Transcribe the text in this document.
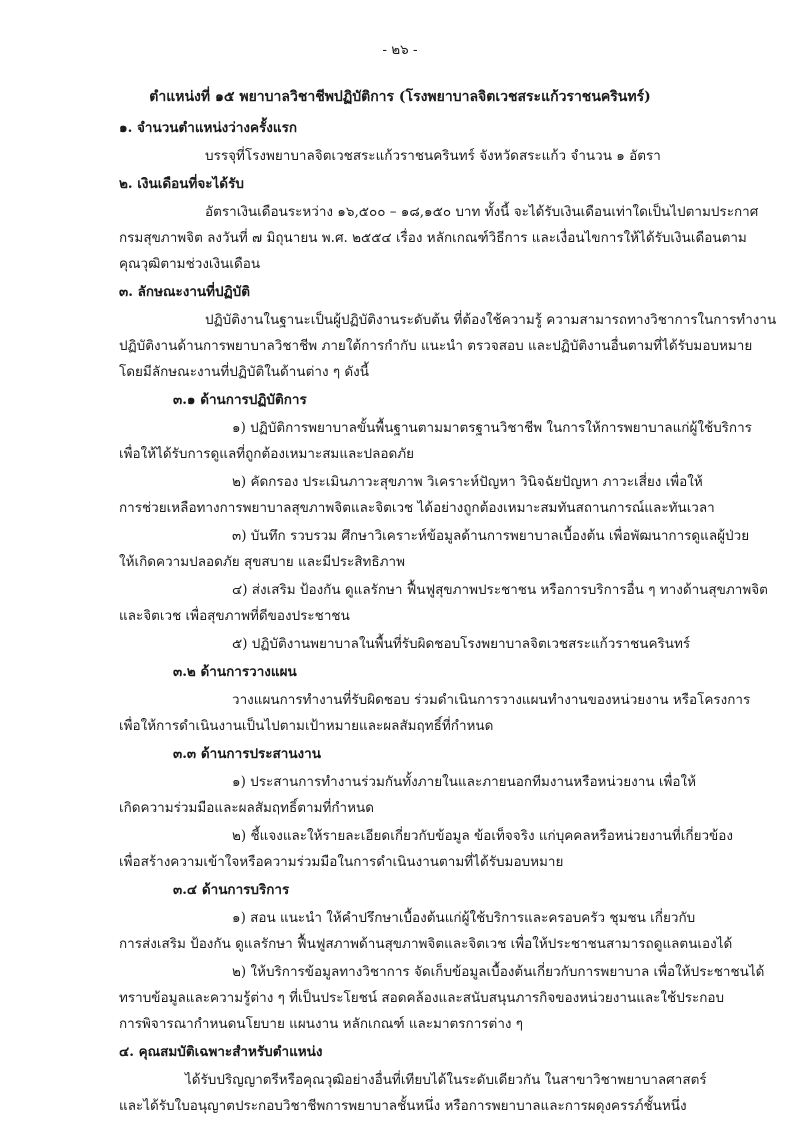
- ๒๖ -
ตำแหน่งที่ ๑๕ พยาบาลวิชาชีพปฏิบัติการ (โรงพยาบาลจิตเวชสระแก้วราชนครินทร์)
๑. จำนวนตำแหน่งว่างครั้งแรก
บรรจุที่โรงพยาบาลจิตเวชสระแก้วราชนครินทร์ จังหวัดสระแก้ว จำนวน ๑ อัตรา
๒. เงินเดือนที่จะได้รับ
อัตราเงินเดือนระหว่าง ๑๖,๕๐๐ – ๑๘,๑๕๐ บาท ทั้งนี้ จะได้รับเงินเดือนเท่าใดเป็นไปตามประกาศ
กรมสุขภาพจิต ลงวันที่ ๗ มิถุนายน พ.ศ. ๒๕๕๔ เรื่อง หลักเกณฑ์วิธีการ และเงื่อนไขการให้ได้รับเงินเดือนตาม
คุณวุฒิตามช่วงเงินเดือน
๓. ลักษณะงานที่ปฏิบัติ
ปฏิบัติงานในฐานะเป็นผู้ปฏิบัติงานระดับต้น ที่ต้องใช้ความรู้ ความสามารถทางวิชาการในการทำงาน
ปฏิบัติงานด้านการพยาบาลวิชาชีพ ภายใต้การกำกับ แนะนำ ตรวจสอบ และปฏิบัติงานอื่นตามที่ได้รับมอบหมาย
โดยมีลักษณะงานที่ปฏิบัติในด้านต่าง ๆ ดังนี้
๓.๑ ด้านการปฏิบัติการ
๑) ปฏิบัติการพยาบาลขั้นพื้นฐานตามมาตรฐานวิชาชีพ ในการให้การพยาบาลแก่ผู้ใช้บริการ
เพื่อให้ได้รับการดูแลที่ถูกต้องเหมาะสมและปลอดภัย
๒) คัดกรอง ประเมินภาวะสุขภาพ วิเคราะห์ปัญหา วินิจฉัยปัญหา ภาวะเสี่ยง เพื่อให้
การช่วยเหลือทางการพยาบาลสุขภาพจิตและจิตเวช ได้อย่างถูกต้องเหมาะสมทันสถานการณ์และทันเวลา
๓) บันทึก รวบรวม ศึกษาวิเคราะห์ข้อมูลด้านการพยาบาลเบื้องต้น เพื่อพัฒนาการดูแลผู้ป่วย
ให้เกิดความปลอดภัย สุขสบาย และมีประสิทธิภาพ
๔) ส่งเสริม ป้องกัน ดูแลรักษา ฟื้นฟูสุขภาพประชาชน หรือการบริการอื่น ๆ ทางด้านสุขภาพจิต
และจิตเวช เพื่อสุขภาพที่ดีของประชาชน
๕) ปฏิบัติงานพยาบาลในพื้นที่รับผิดชอบโรงพยาบาลจิตเวชสระแก้วราชนครินทร์
๓.๒ ด้านการวางแผน
วางแผนการทำงานที่รับผิดชอบ ร่วมดำเนินการวางแผนทำงานของหน่วยงาน หรือโครงการ
เพื่อให้การดำเนินงานเป็นไปตามเป้าหมายและผลสัมฤทธิ์ที่กำหนด
๓.๓ ด้านการประสานงาน
๑) ประสานการทำงานร่วมกันทั้งภายในและภายนอกทีมงานหรือหน่วยงาน เพื่อให้
เกิดความร่วมมือและผลสัมฤทธิ์ตามที่กำหนด
๒) ชี้แจงและให้รายละเอียดเกี่ยวกับข้อมูล ข้อเท็จจริง แก่บุคคลหรือหน่วยงานที่เกี่ยวข้อง
เพื่อสร้างความเข้าใจหรือความร่วมมือในการดำเนินงานตามที่ได้รับมอบหมาย
๓.๔ ด้านการบริการ
๑) สอน แนะนำ ให้คำปรึกษาเบื้องต้นแก่ผู้ใช้บริการและครอบครัว ชุมชน เกี่ยวกับ
การส่งเสริม ป้องกัน ดูแลรักษา ฟื้นฟูสภาพด้านสุขภาพจิตและจิตเวช เพื่อให้ประชาชนสามารถดูแลตนเองได้
๒) ให้บริการข้อมูลทางวิชาการ จัดเก็บข้อมูลเบื้องต้นเกี่ยวกับการพยาบาล เพื่อให้ประชาชนได้
ทราบข้อมูลและความรู้ต่าง ๆ ที่เป็นประโยชน์ สอดคล้องและสนับสนุนภารกิจของหน่วยงานและใช้ประกอบ
การพิจารณากำหนดนโยบาย แผนงาน หลักเกณฑ์ และมาตรการต่าง ๆ
๔. คุณสมบัติเฉพาะสำหรับตำแหน่ง
ได้รับปริญญาตรีหรือคุณวุฒิอย่างอื่นที่เทียบได้ในระดับเดียวกัน ในสาขาวิชาพยาบาลศาสตร์
และได้รับใบอนุญาตประกอบวิชาชีพการพยาบาลชั้นหนึ่ง หรือการพยาบาลและการผดุงครรภ์ชั้นหนึ่ง
